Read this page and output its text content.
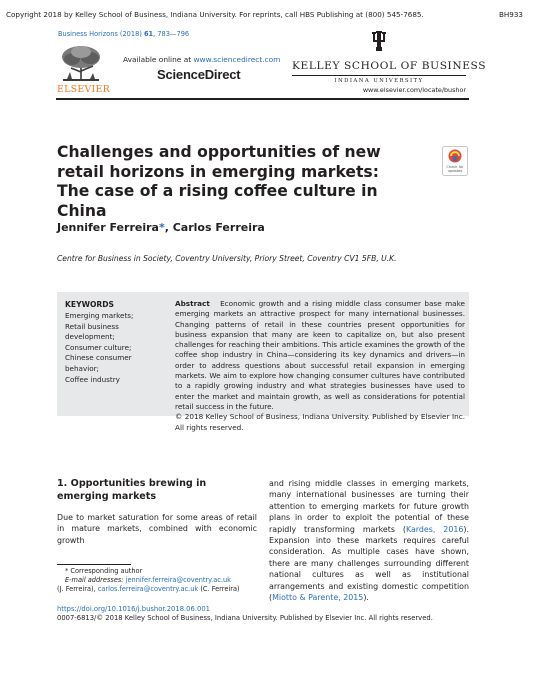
Copyright 2018 by Kelley School of Business, Indiana University. For reprints, call HBS Publishing at (800) 545-7685.	BH933
Business Horizons (2018) 61, 783—796
ELSEVIER
Available online at www.sciencedirect.com
ScienceDirect
KELLEY SCHOOL OF BUSINESS
INDIANA UNIVERSITY
www.elsevier.com/locate/bushor
Challenges and opportunities of new retail horizons in emerging markets: The case of a rising coffee culture in China
Check for
updates
Jennifer Ferreira*, Carlos Ferreira
Centre for Business in Society, Coventry University, Priory Street, Coventry CV1 5FB, U.K.
KEYWORDS
Emerging markets;
Retail business
development;
Consumer culture;
Chinese consumer
behavior;
Coffee industry

Abstract Economic growth and a rising middle class consumer base make emerging markets an attractive prospect for many international businesses. Changing patterns of retail in these countries present opportunities for business expansion that many are keen to capitalize on, but also present challenges for reaching their ambitions. This article examines the growth of the coffee shop industry in China—considering its key dynamics and drivers—in order to address questions about successful retail expansion in emerging markets. We aim to explore how changing consumer cultures have contributed to a rapidly growing industry and what strategies businesses have used to enter the market and maintain growth, as well as considerations for potential retail success in the future.
© 2018 Kelley School of Business, Indiana University. Published by Elsevier Inc. All rights reserved.

1. Opportunities brewing in emerging markets

Due to market saturation for some areas of retail in mature markets, combined with economic growth

and rising middle classes in emerging markets, many international businesses are turning their attention to emerging markets for future growth plans in order to exploit the potential of these rapidly transforming markets (Kardes, 2016). Expansion into these markets requires careful consideration. As multiple cases have shown, there are many challenges surrounding different national cultures as well as institutional arrangements and existing domestic competition (Miotto & Parente, 2015).

* Corresponding author
E-mail addresses: jennifer.ferreira@coventry.ac.uk
(J. Ferreira), carlos.ferreira@coventry.ac.uk (C. Ferreira)
https://doi.org/10.1016/j.bushor.2018.06.001
0007-6813/© 2018 Kelley School of Business, Indiana University. Published by Elsevier Inc. All rights reserved.
